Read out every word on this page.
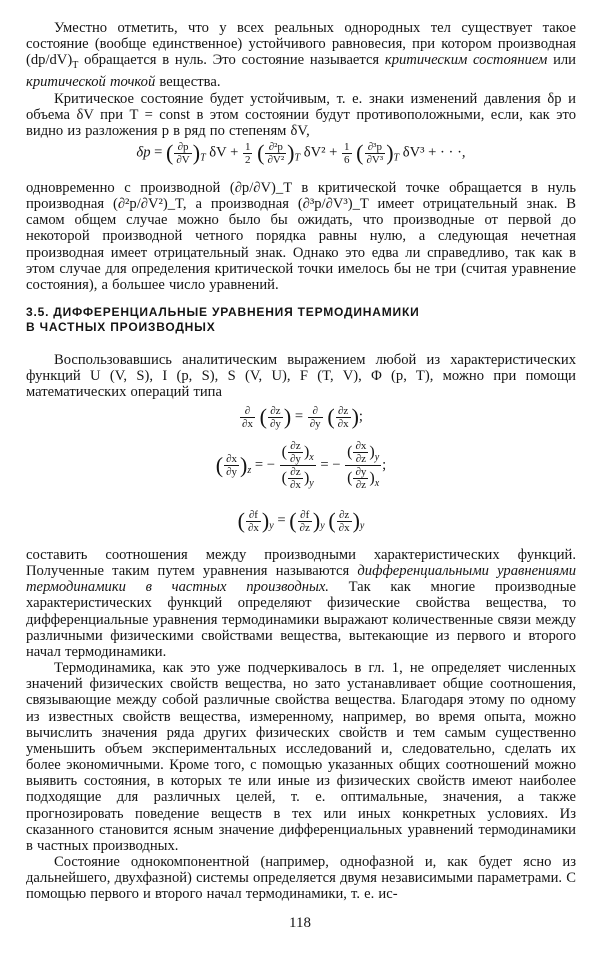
Уместно отметить, что у всех реальных однородных тел существует такое состояние (вообще единственное) устойчивого равновесия, при котором производная $(dp/dV)_T$ обращается в нуль. Это состояние называется критическим состоянием или критической точкой вещества.

Критическое состояние будет устойчивым, т. е. знаки изменений давления δp и объема δV при T = const в этом состоянии будут противоположными, если, как это видно из разложения p в ряд по степеням δV,

δp = ( $\frac{\partial p}{\partial V} )_T$ $\delta V + \frac{1}{2}$ ( $\frac{\text{∂²p}}{\text{∂V²}} )_T$ $\delta V^2 + \frac{1}{6}$ ( $\frac{\text{∂³p}}{\text{∂V³}} )_T$ δV³ + · · ·,

одновременно с производной (∂p/∂V)_T в критической точке обращается в нуль производная (∂²p/∂V²)_T, а производная (∂³p/∂V³)_T имеет отрицательный знак. В самом общем случае можно было бы ожидать, что производные от первой до некоторой производной четного порядка равны нулю, а следующая нечетная производная имеет отрицательный знак. Однако это едва ли справедливо, так как в этом случае для определения критической точки имелось бы не три (считая уравнение состояния), а большее число уравнений.

3.5. ДИФФЕРЕНЦИАЛЬНЫЕ УРАВНЕНИЯ ТЕРМОДИНАМИКИ
В ЧАСТНЫХ ПРОИЗВОДНЫХ

Воспользовавшись аналитическим выражением любой из характеристических функций U (V, S), I (p, S), S (V, U), F (T, V), Φ (p, T), можно при помощи математических операций типа

$\frac{\partial}{\partial x}$ ( $\frac{\partial z}{\partial y}$ ) = $\frac{\partial}{\partial y}$ ( $\frac{\partial z}{\partial x}$ );
( $\frac{\partial x}{\partial y} )_z$ = − $\frac{( \frac{\partial z}{\partial y} )_x}{( \frac{\partial z}{\partial x} )_y}$ = − $\frac{( \frac{\partial x}{\partial z} )_y}{( \frac{\partial y}{\partial z} )_x}$ ;
( $\frac{\partial f}{\partial x} )_y$ = ( $\frac{\partial f}{\partial z} )_y$ ( $\frac{\partial z}{\partial x} )_y$

составить соотношения между производными характеристических функций. Полученные таким путем уравнения называются дифференциальными уравнениями термодинамики в частных производных. Так как многие производные характеристических функций определяют физические свойства вещества, то дифференциальные уравнения термодинамики выражают количественные связи между различными физическими свойствами вещества, вытекающие из первого и второго начал термодинамики.

Термодинамика, как это уже подчеркивалось в гл. 1, не определяет численных значений физических свойств вещества, но зато устанавливает общие соотношения, связывающие между собой различные свойства вещества. Благодаря этому по одному из известных свойств вещества, измеренному, например, во время опыта, можно вычислить значения ряда других физических свойств и тем самым существенно уменьшить объем экспериментальных исследований и, следовательно, сделать их более экономичными. Кроме того, с помощью указанных общих соотношений можно выявить состояния, в которых те или иные из физических свойств имеют наиболее подходящие для различных целей, т. е. оптимальные, значения, а также прогнозировать поведение веществ в тех или иных конкретных условиях. Из сказанного становится ясным значение дифференциальных уравнений термодинамики в частных производных.

Состояние однокомпонентной (например, однофазной и, как будет ясно из дальнейшего, двухфазной) системы определяется двумя независимыми параметрами. С помощью первого и второго начал термодинамики, т. е. ис-

118
